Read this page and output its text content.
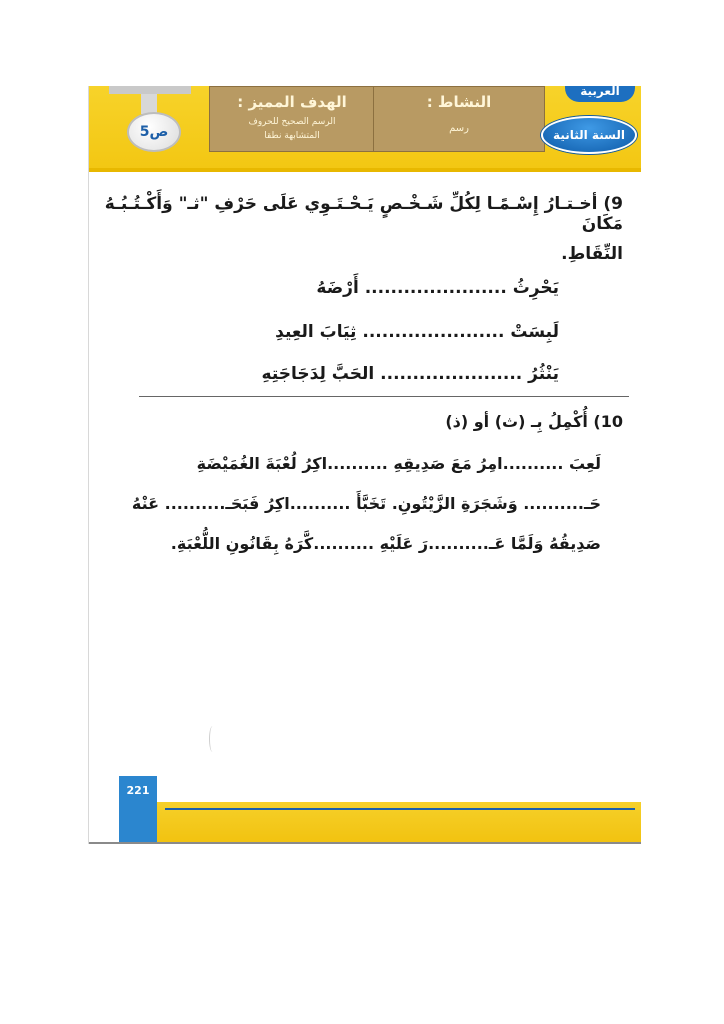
5ص
الهدف المميز :
الرسم الصحيح للحروف
المتشابهة نطقا
النشاط :
رسم
العربية
السنة الثانية
9) أخـتـارُ إِسْـمًـا لِكُلِّ شَـخْـصٍ يَـحْـتَـوِي عَلَى حَرْفِ "ثـ" وَأَكْـتُـبُـهُ مَكَانَ
النِّقَاطِ.
يَحْرِثُ ...................... أَرْضَهُ
لَبِسَتْ ...................... ثِيَابَ العِيدِ
يَنْثُرُ ...................... الحَبَّ لِدَجَاجَتِهِ
10) أُكْمِلُ بِـ (ث) أو (ذ)
لَعِبَ ..........امِرُ مَعَ صَدِيقِهِ ..........اكِرُ لُعْبَةَ الغُمَيْضَةِ
حَـ.......... وَشَجَرَةِ الزَّيْتُونِ. تَخَبَّأَ ..........اكِرُ فَبَحَـ.......... عَنْهُ
صَدِيقُهُ وَلَمَّا عَـ..........رَ عَلَيْهِ ..........كَّرَهُ بِقَانُونِ اللُّعْبَةِ.
221
